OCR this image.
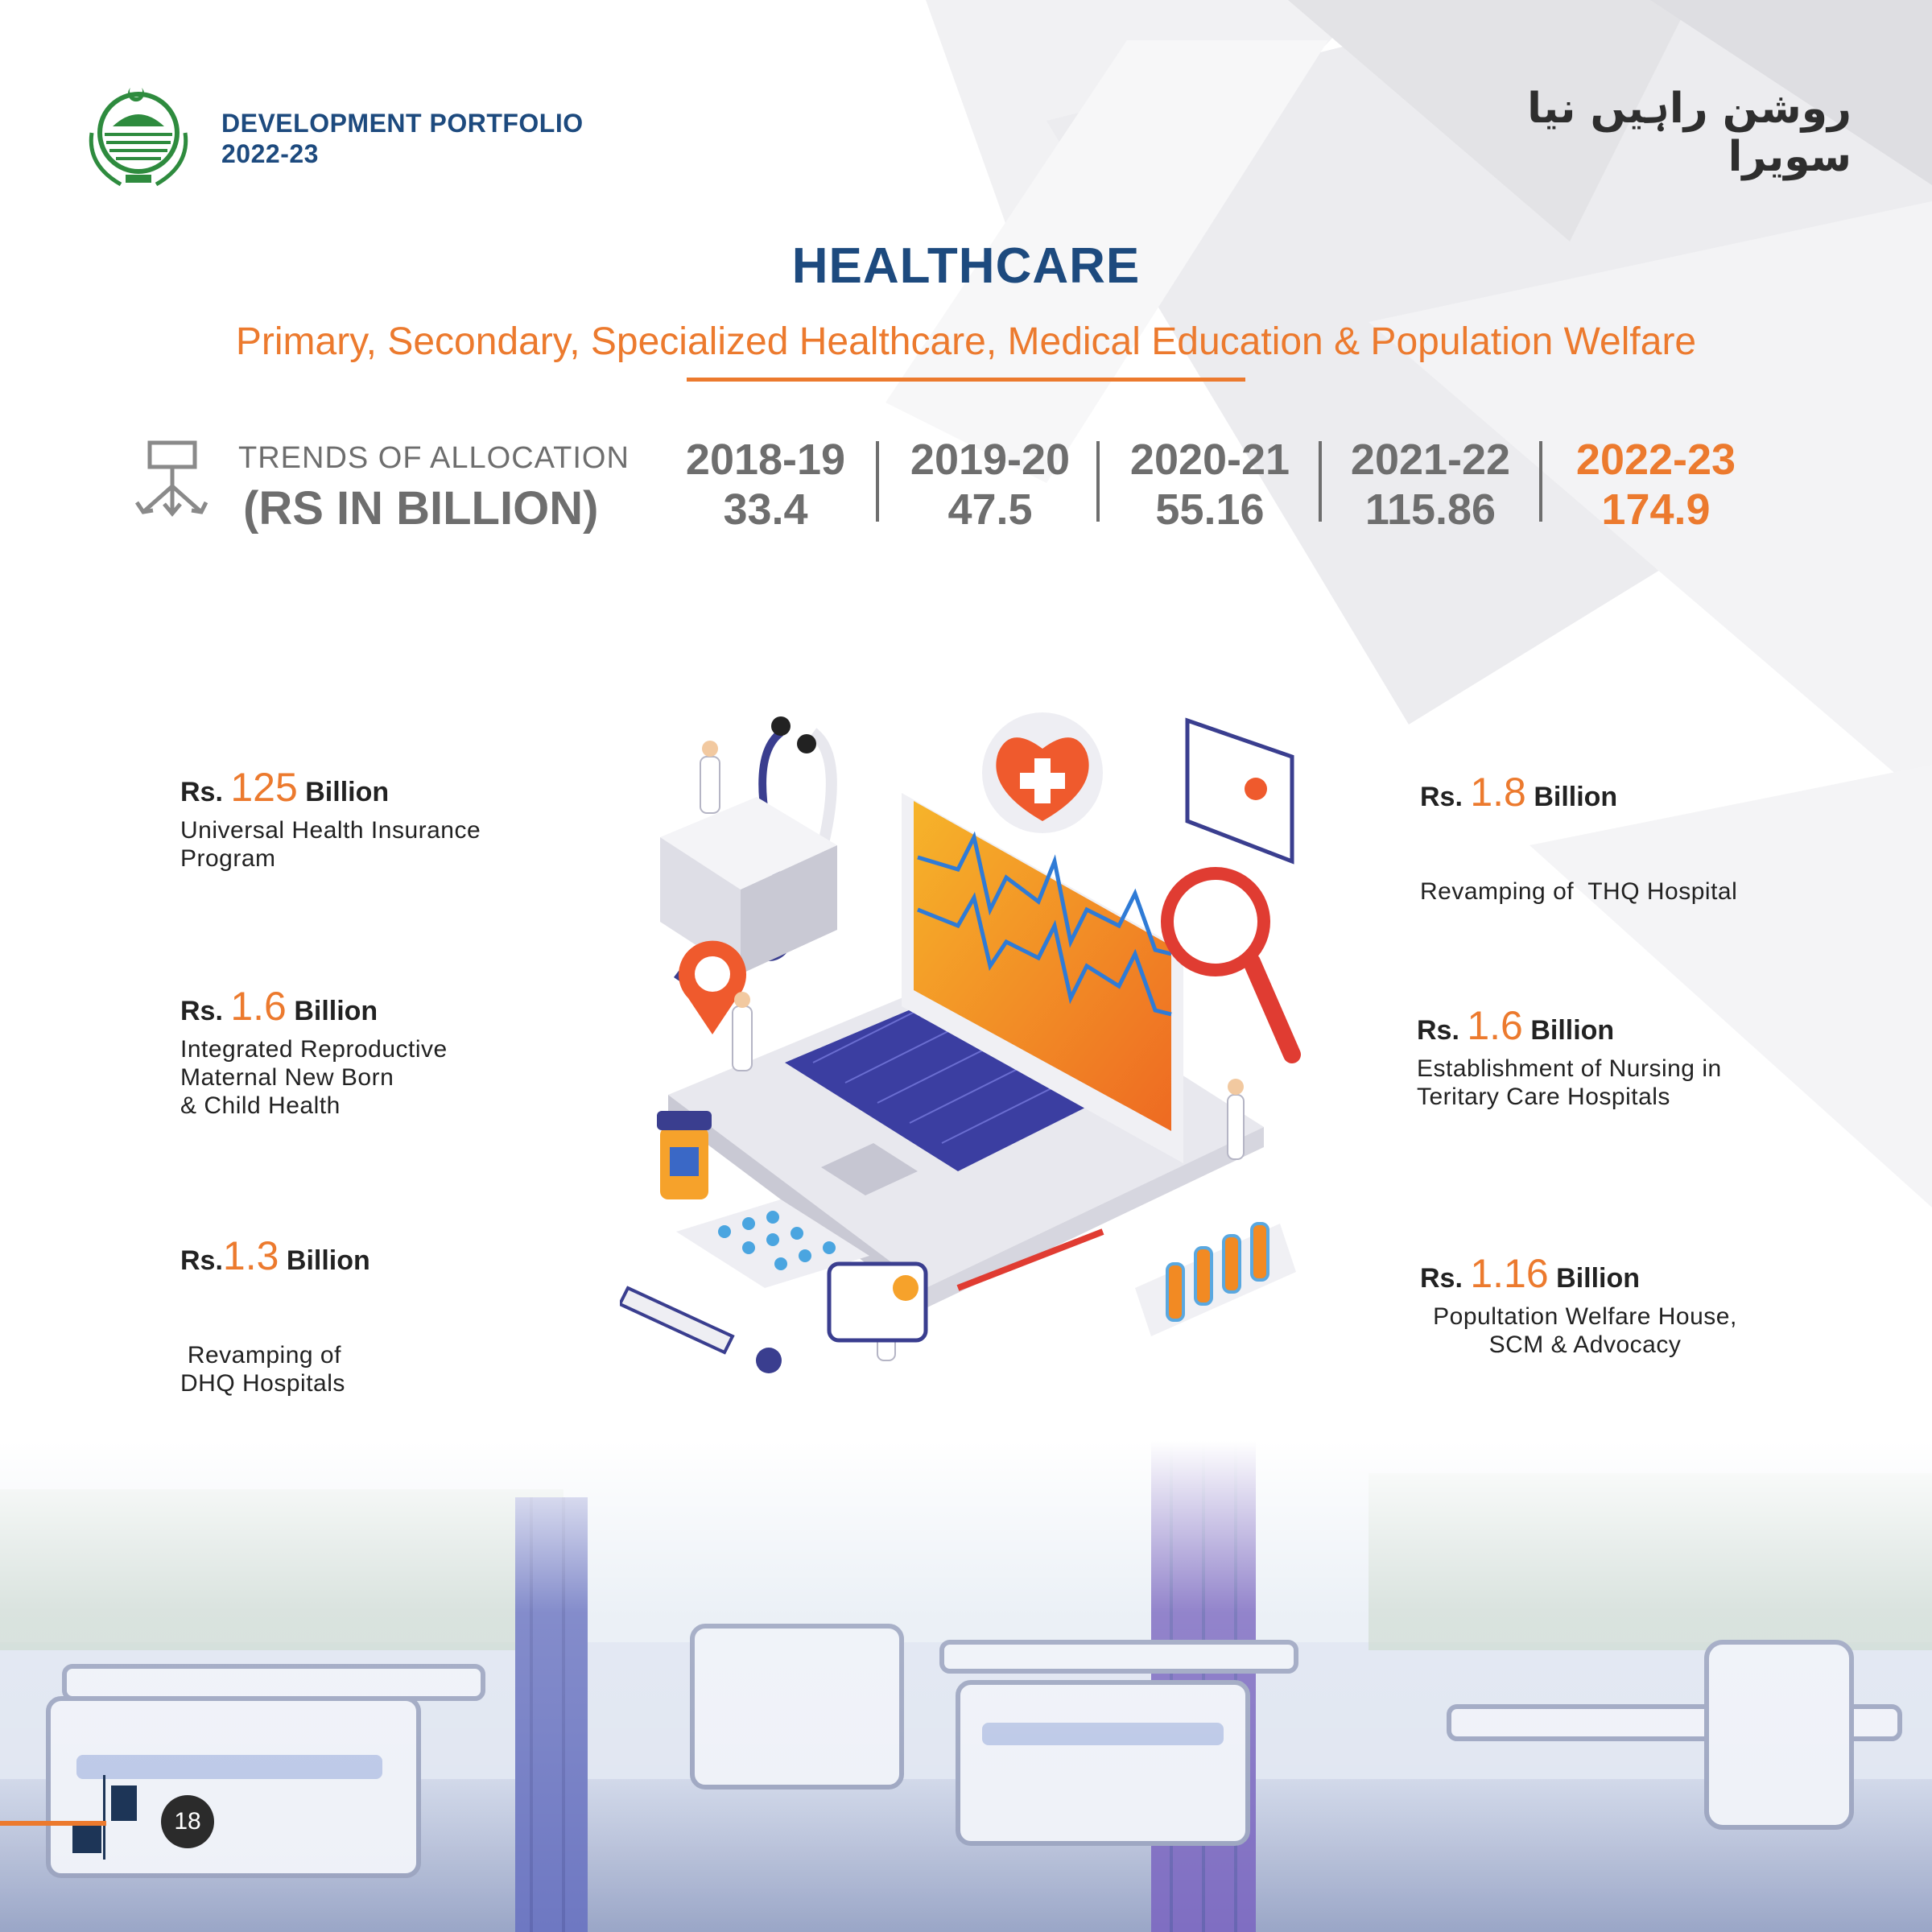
DEVELOPMENT PORTFOLIO
2022-23
روشن راہیں نیا سویرا
HEALTHCARE
Primary, Secondary, Specialized Healthcare, Medical Education & Population Welfare
TRENDS OF ALLOCATION
(RS IN BILLION)
2018-19
33.4
2019-20
47.5
2020-21
55.16
2021-22
115.86
2022-23
174.9
Rs. 125 Billion
Universal Health Insurance
Program
Rs. 1.6 Billion
Integrated Reproductive
Maternal New Born
& Child Health
Rs.1.3 Billion

Revamping of
DHQ Hospitals

Rs. 1.8 Billion

Revamping of  THQ Hospital

Rs. 1.6 Billion
Establishment of Nursing in
Teritary Care Hospitals
Rs. 1.16 Billion
Popultation Welfare House,
SCM & Advocacy
18
